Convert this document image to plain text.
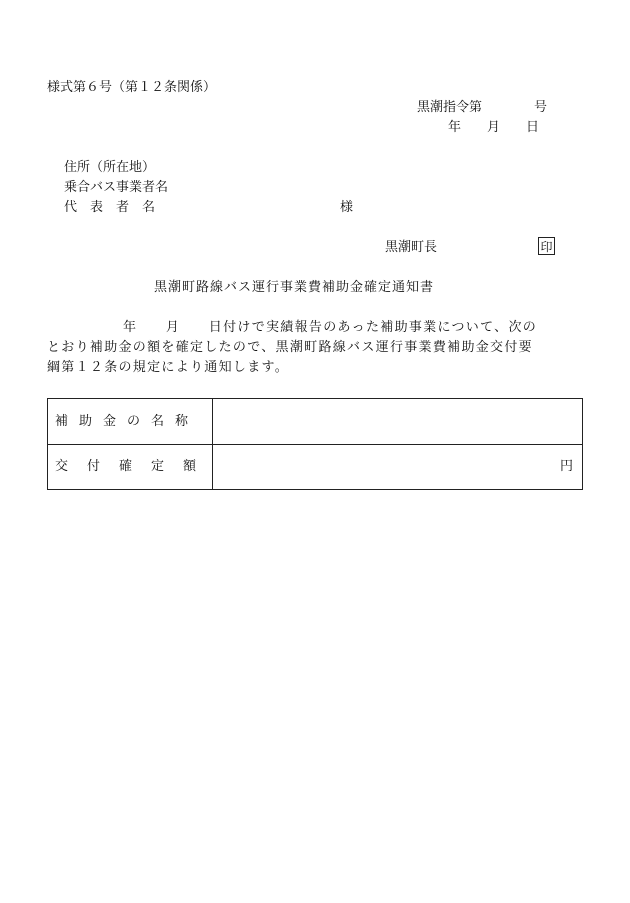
様式第６号（第１２条関係）
黒潮指令第　　　　号
年　　月　　日
住所（所在地）
乗合バス事業者名
代　表　者　名	様
黒潮町長	印
黒潮町路線バス運行事業費補助金確定通知書
年　　月　　日付けで実績報告のあった補助事業について、次の
とおり補助金の額を確定したので、黒潮町路線バス運行事業費補助金交付要
綱第１２条の規定により通知します。
補助金の名称
交付確定額	円
